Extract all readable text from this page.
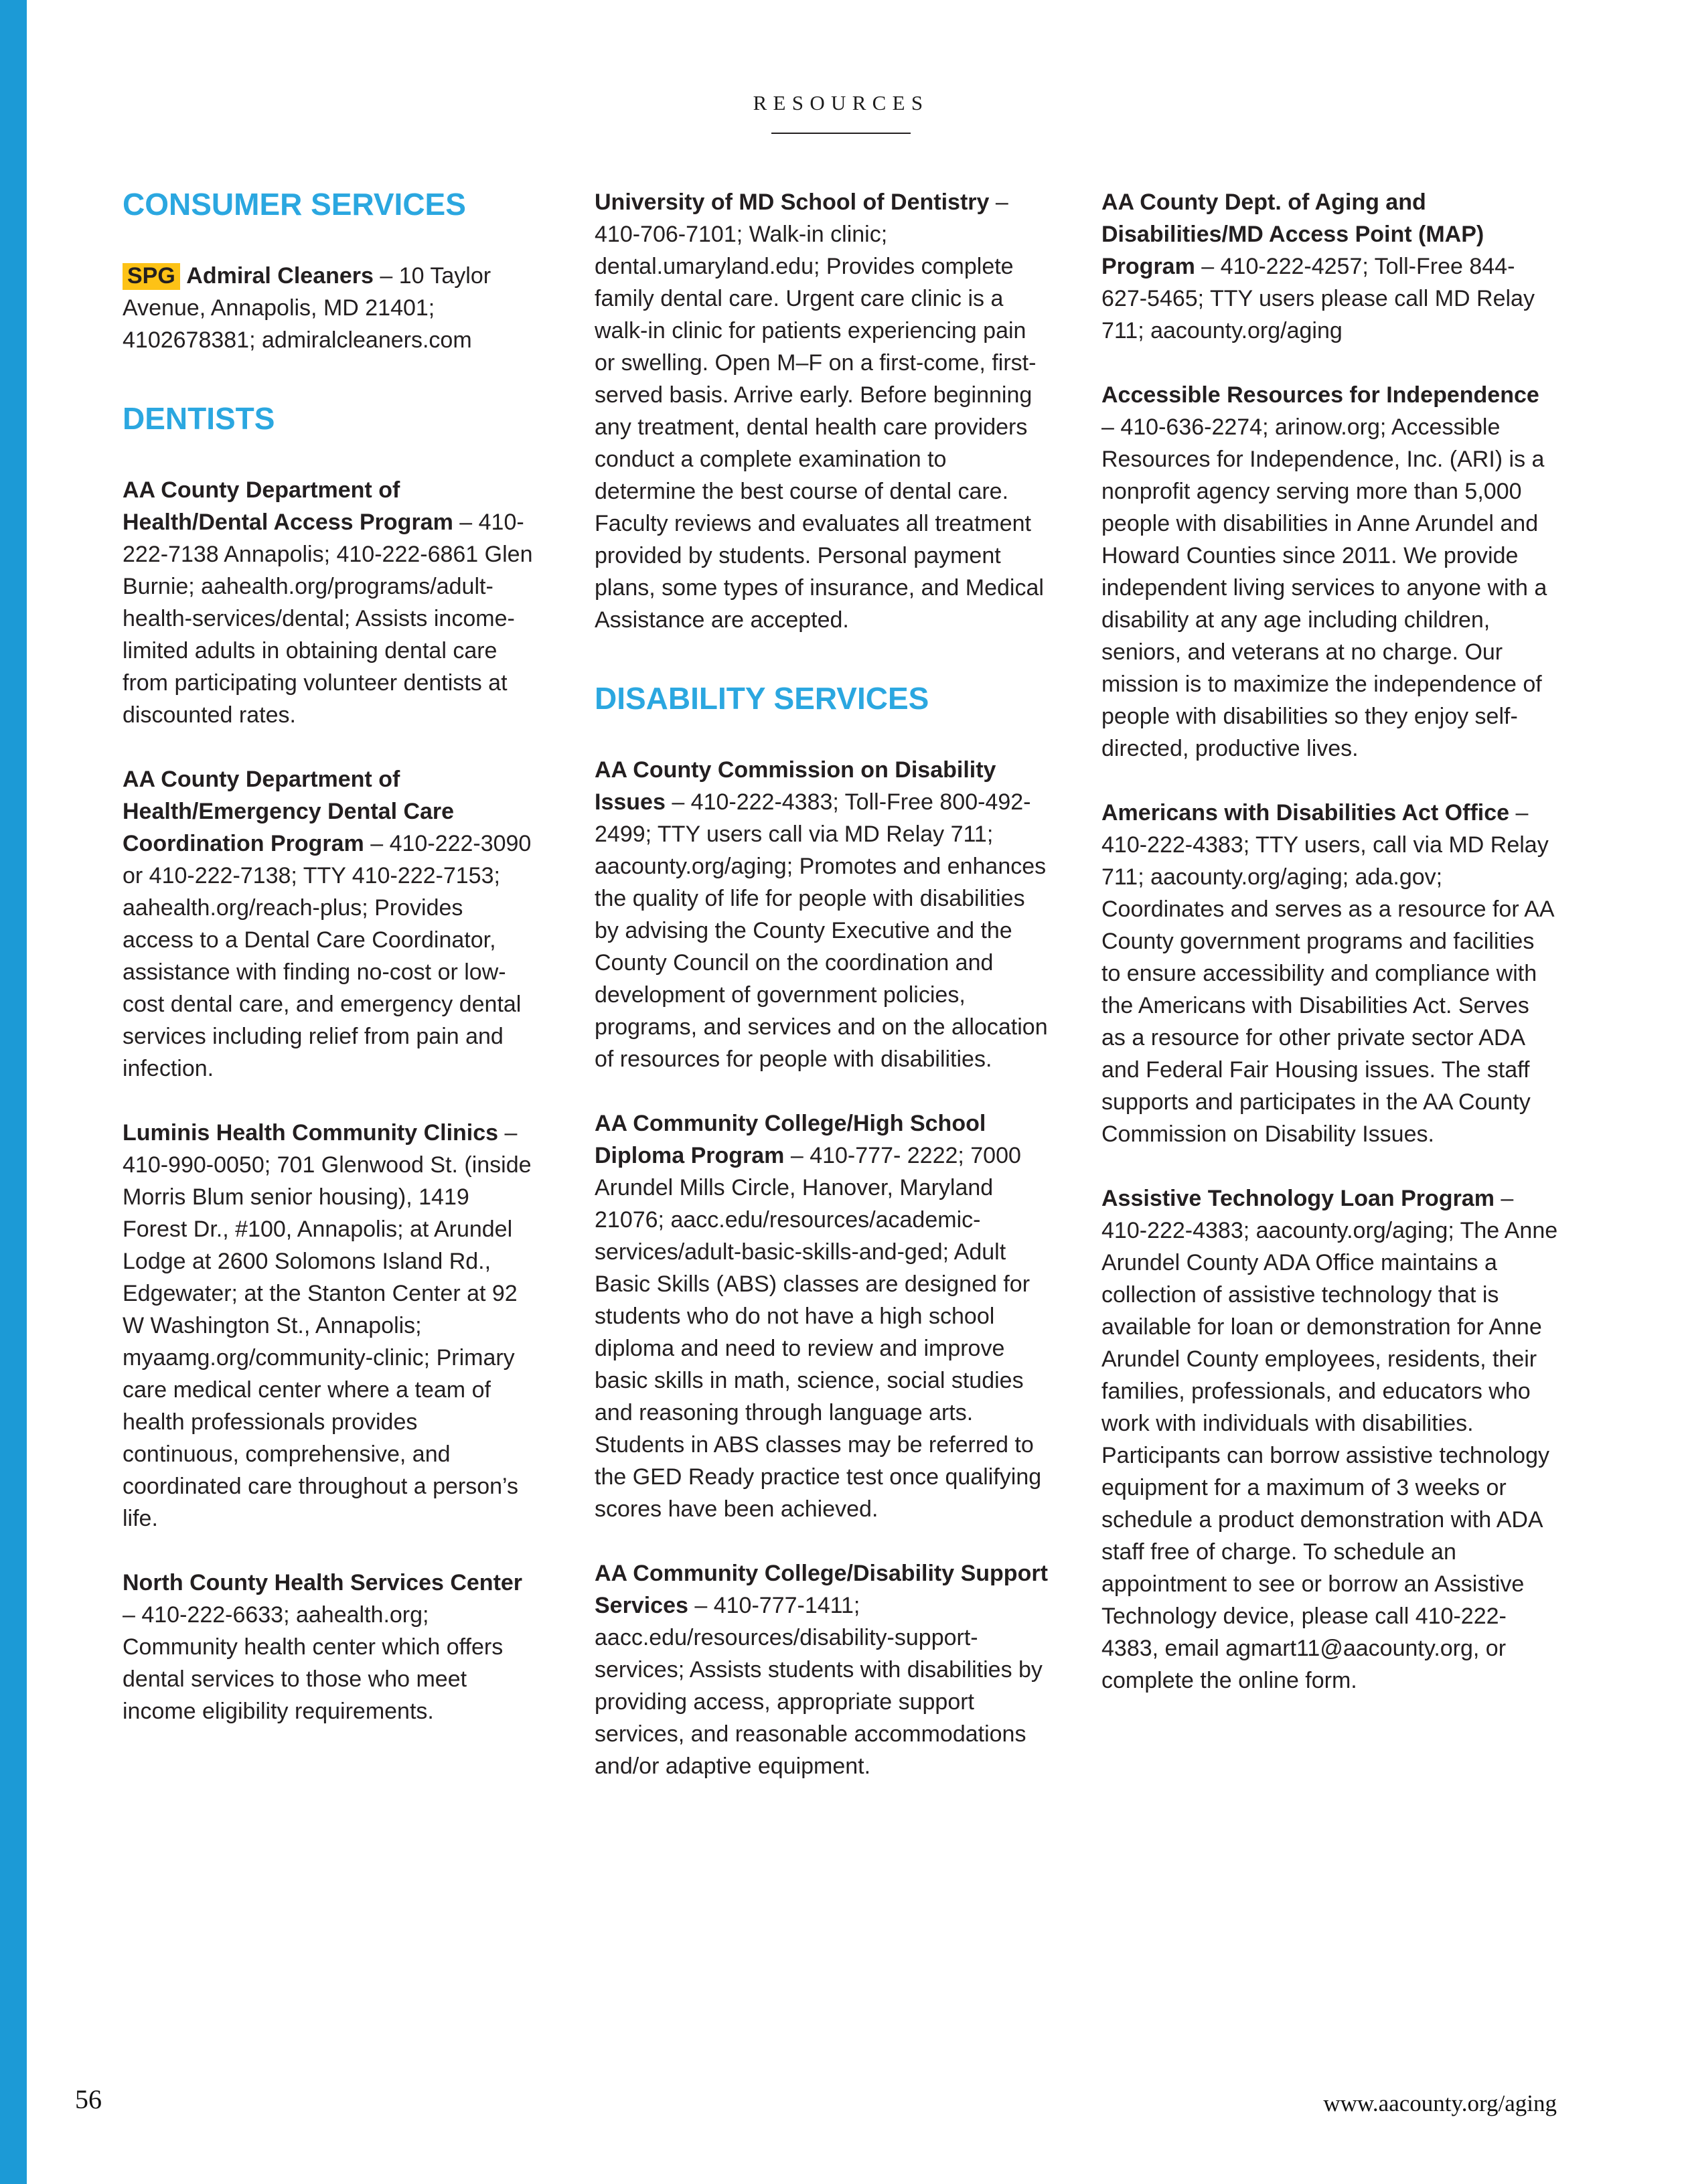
RESOURCES
CONSUMER SERVICES
SPG Admiral Cleaners – 10 Taylor Avenue, Annapolis, MD 21401; 4102678381; admiralcleaners.com
DENTISTS
AA County Department of Health/Dental Access Program – 410-222-7138 Annapolis; 410-222-6861 Glen Burnie; aahealth.org/programs/adult-health-services/dental; Assists income-limited adults in obtaining dental care from participating volunteer dentists at discounted rates.
AA County Department of Health/Emergency Dental Care Coordination Program – 410-222-3090 or 410-222-7138; TTY 410-222-7153; aahealth.org/reach-plus; Provides access to a Dental Care Coordinator, assistance with finding no-cost or low-cost dental care, and emergency dental services including relief from pain and infection.
Luminis Health Community Clinics – 410-990-0050; 701 Glenwood St. (inside Morris Blum senior housing), 1419 Forest Dr., #100, Annapolis; at Arundel Lodge at 2600 Solomons Island Rd., Edgewater; at the Stanton Center at 92 W Washington St., Annapolis; myaamg.org/community-clinic; Primary care medical center where a team of health professionals provides continuous, comprehensive, and coordinated care throughout a person’s life.
North County Health Services Center – 410-222-6633; aahealth.org; Community health center which offers dental services to those who meet income eligibility requirements.
University of MD School of Dentistry – 410-706-7101; Walk-in clinic; dental.umaryland.edu; Provides complete family dental care. Urgent care clinic is a walk-in clinic for patients experiencing pain or swelling. Open M–F on a first-come, first-served basis. Arrive early. Before beginning any treatment, dental health care providers conduct a complete examination to determine the best course of dental care. Faculty reviews and evaluates all treatment provided by students. Personal payment plans, some types of insurance, and Medical Assistance are accepted.
DISABILITY SERVICES
AA County Commission on Disability Issues – 410-222-4383; Toll-Free 800-492-2499; TTY users call via MD Relay 711; aacounty.org/aging; Promotes and enhances the quality of life for people with disabilities by advising the County Executive and the County Council on the coordination and development of government policies, programs, and services and on the allocation of resources for people with disabilities.
AA Community College/High School Diploma Program – 410-777- 2222; 7000 Arundel Mills Circle, Hanover, Maryland 21076; aacc.edu/resources/academic-services/adult-basic-skills-and-ged; Adult Basic Skills (ABS) classes are designed for students who do not have a high school diploma and need to review and improve basic skills in math, science, social studies and reasoning through language arts. Students in ABS classes may be referred to the GED Ready practice test once qualifying scores have been achieved.
AA Community College/Disability Support Services – 410-777-1411; aacc.edu/resources/disability-support-services; Assists students with disabilities by providing access, appropriate support services, and reasonable accommodations and/or adaptive equipment.
AA County Dept. of Aging and Disabilities/MD Access Point (MAP) Program – 410-222-4257; Toll-Free 844-627-5465; TTY users please call MD Relay 711; aacounty.org/aging
Accessible Resources for Independence – 410-636-2274; arinow.org; Accessible Resources for Independence, Inc. (ARI) is a nonprofit agency serving more than 5,000 people with disabilities in Anne Arundel and Howard Counties since 2011. We provide independent living services to anyone with a disability at any age including children, seniors, and veterans at no charge. Our mission is to maximize the independence of people with disabilities so they enjoy self-directed, productive lives.
Americans with Disabilities Act Office – 410-222-4383; TTY users, call via MD Relay 711; aacounty.org/aging; ada.gov; Coordinates and serves as a resource for AA County government programs and facilities to ensure accessibility and compliance with the Americans with Disabilities Act. Serves as a resource for other private sector ADA and Federal Fair Housing issues. The staff supports and participates in the AA County Commission on Disability Issues.
Assistive Technology Loan Program – 410-222-4383; aacounty.org/aging; The Anne Arundel County ADA Office maintains a collection of assistive technology that is available for loan or demonstration for Anne Arundel County employees, residents, their families, professionals, and educators who work with individuals with disabilities. Participants can borrow assistive technology equipment for a maximum of 3 weeks or schedule a product demonstration with ADA staff free of charge. To schedule an appointment to see or borrow an Assistive Technology device, please call 410-222-4383, email agmart11@aacounty.org, or complete the online form.
56	www.aacounty.org/aging
